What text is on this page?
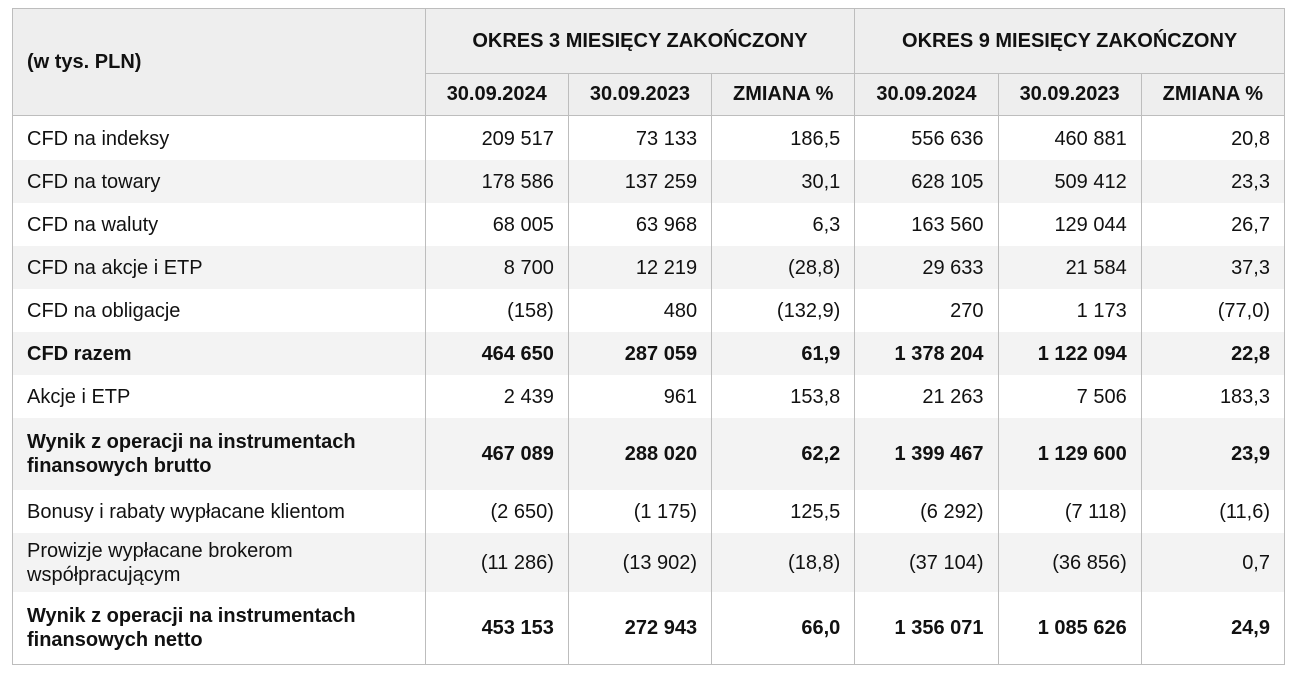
(w tys. PLN)	OKRES 3 MIESIĘCY ZAKOŃCZONY			OKRES 9 MIESIĘCY ZAKOŃCZONY		
	30.09.2024	30.09.2023	ZMIANA %	30.09.2024	30.09.2023	ZMIANA %
CFD na indeksy	209 517	73 133	186,5	556 636	460 881	20,8
CFD na towary	178 586	137 259	30,1	628 105	509 412	23,3
CFD na waluty	68 005	63 968	6,3	163 560	129 044	26,7
CFD na akcje i ETP	8 700	12 219	(28,8)	29 633	21 584	37,3
CFD na obligacje	(158)	480	(132,9)	270	1 173	(77,0)
CFD razem	464 650	287 059	61,9	1 378 204	1 122 094	22,8
Akcje i ETP	2 439	961	153,8	21 263	7 506	183,3
Wynik z operacji na instrumentach finansowych brutto	467 089	288 020	62,2	1 399 467	1 129 600	23,9
Bonusy i rabaty wypłacane klientom	(2 650)	(1 175)	125,5	(6 292)	(7 118)	(11,6)
Prowizje wypłacane brokerom współpracującym	(11 286)	(13 902)	(18,8)	(37 104)	(36 856)	0,7
Wynik z operacji na instrumentach finansowych netto	453 153	272 943	66,0	1 356 071	1 085 626	24,9
